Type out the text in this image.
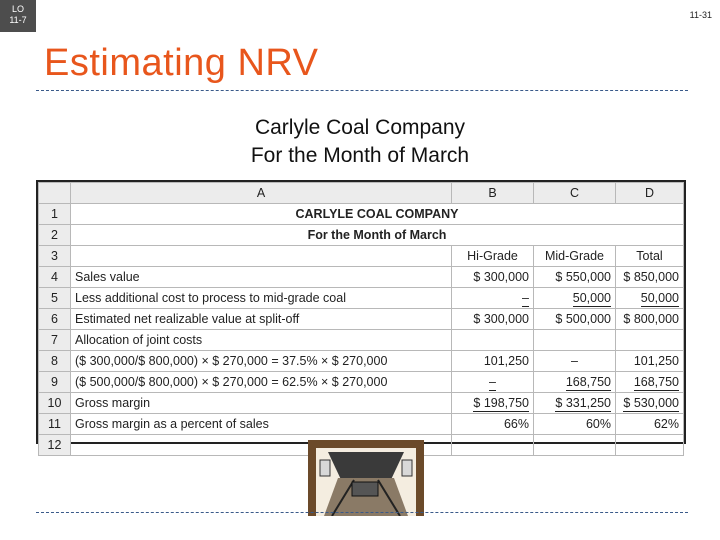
LO
11-7	11-31
Estimating NRV
Carlyle Coal Company
For the Month of March
	A	B	C	D
1	CARLYLE COAL COMPANY			
2	For the Month of March			
3		Hi-Grade	Mid-Grade	Total
4	Sales value	$ 300,000	$ 550,000	$ 850,000
5	Less additional cost to process to mid-grade coal	–	50,000	50,000
6	Estimated net realizable value at split-off	$ 300,000	$ 500,000	$ 800,000
7	Allocation of joint costs			
8	($ 300,000/$ 800,000) × $ 270,000 = 37.5% × $ 270,000	101,250	–	101,250
9	($ 500,000/$ 800,000) × $ 270,000 = 62.5% × $ 270,000	–	168,750	168,750
10	Gross margin	$ 198,750	$ 331,250	$ 530,000
11	Gross margin as a percent of sales	66%	60%	62%
12				
